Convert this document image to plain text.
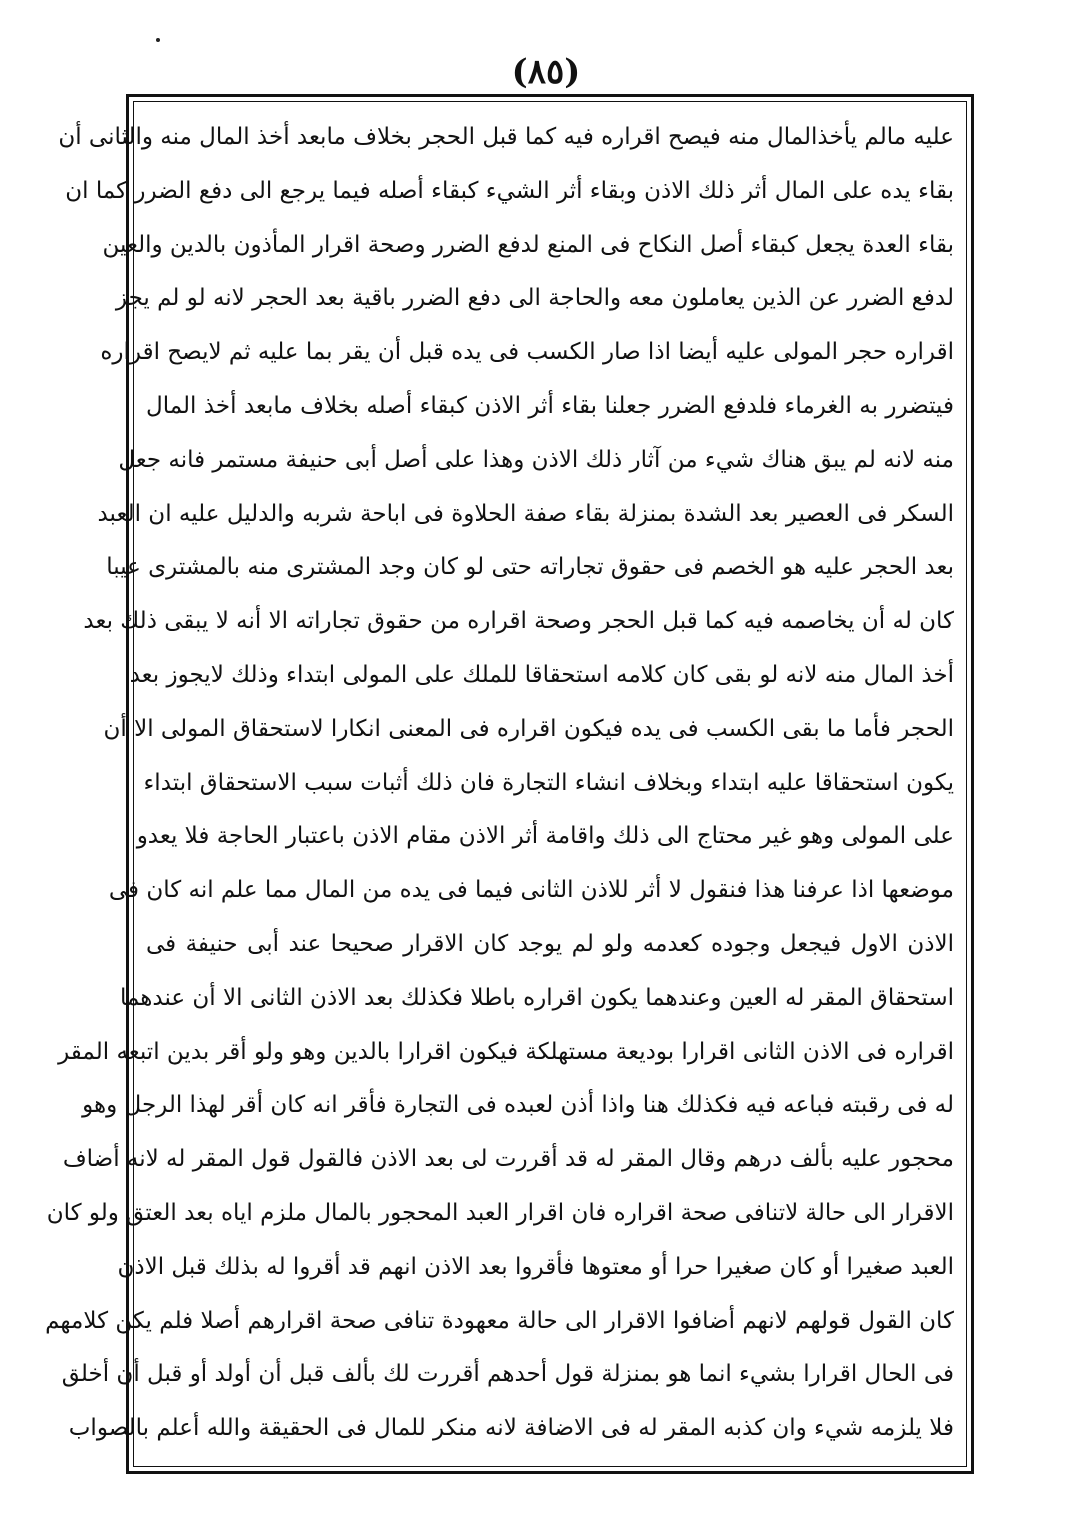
(٨٥)
عليه مالم يأخذالمال منه فيصح اقراره فيه كما قبل الحجر بخلاف مابعد أخذ المال منه والثانى أن
بقاء يده على المال أثر ذلك الاذن وبقاء أثر الشيء كبقاء أصله فيما يرجع الى دفع الضرر كما ان
بقاء العدة يجعل كبقاء أصل النكاح فى المنع لدفع الضرر وصحة اقرار المأذون بالدين والعين
لدفع الضرر عن الذين يعاملون معه والحاجة الى دفع الضرر باقية بعد الحجر لانه لو لم يجز
اقراره حجر المولى عليه أيضا اذا صار الكسب فى يده قبل أن يقر بما عليه ثم لايصح اقراره
فيتضرر به الغرماء فلدفع الضرر جعلنا بقاء أثر الاذن كبقاء أصله بخلاف مابعد أخذ المال
منه لانه لم يبق هناك شيء من آثار ذلك الاذن وهذا على أصل أبى حنيفة مستمر فانه جعل
السكر فى العصير بعد الشدة بمنزلة بقاء صفة الحلاوة فى اباحة شربه والدليل عليه ان العبد
بعد الحجر عليه هو الخصم فى حقوق تجاراته حتى لو كان وجد المشترى منه بالمشترى عيبا
كان له أن يخاصمه فيه كما قبل الحجر وصحة اقراره من حقوق تجاراته الا أنه لا يبقى ذلك بعد
أخذ المال منه لانه لو بقى كان كلامه استحقاقا للملك على المولى ابتداء وذلك لايجوز بعد
الحجر فأما ما بقى الكسب فى يده فيكون اقراره فى المعنى انكارا لاستحقاق المولى الا أن
يكون استحقاقا عليه ابتداء وبخلاف انشاء التجارة فان ذلك أثبات سبب الاستحقاق ابتداء
على المولى وهو غير محتاج الى ذلك واقامة أثر الاذن مقام الاذن باعتبار الحاجة فلا يعدو
موضعها اذا عرفنا هذا فنقول لا أثر للاذن الثانى فيما فى يده من المال مما علم انه كان فى
الاذن الاول فيجعل وجوده كعدمه ولو لم يوجد كان الاقرار صحيحا عند أبى حنيفة فى
استحقاق المقر له العين وعندهما يكون اقراره باطلا فكذلك بعد الاذن الثانى الا أن عندهما
اقراره فى الاذن الثانى اقرارا بوديعة مستهلكة فيكون اقرارا بالدين وهو ولو أقر بدين اتبعه المقر
له فى رقبته فباعه فيه فكذلك هنا واذا أذن لعبده فى التجارة فأقر انه كان أقر لهذا الرجل وهو
محجور عليه بألف درهم وقال المقر له قد أقررت لى بعد الاذن فالقول قول المقر له لانه أضاف
الاقرار الى حالة لاتنافى صحة اقراره فان اقرار العبد المحجور بالمال ملزم اياه بعد العتق ولو كان
العبد صغيرا أو كان صغيرا حرا أو معتوها فأقروا بعد الاذن انهم قد أقروا له بذلك قبل الاذن
كان القول قولهم لانهم أضافوا الاقرار الى حالة معهودة تنافى صحة اقرارهم أصلا فلم يكن كلامهم
فى الحال اقرارا بشيء انما هو بمنزلة قول أحدهم أقررت لك بألف قبل أن أولد أو قبل أن أخلق
فلا يلزمه شيء وان كذبه المقر له فى الاضافة لانه منكر للمال فى الحقيقة والله أعلم بالصواب
